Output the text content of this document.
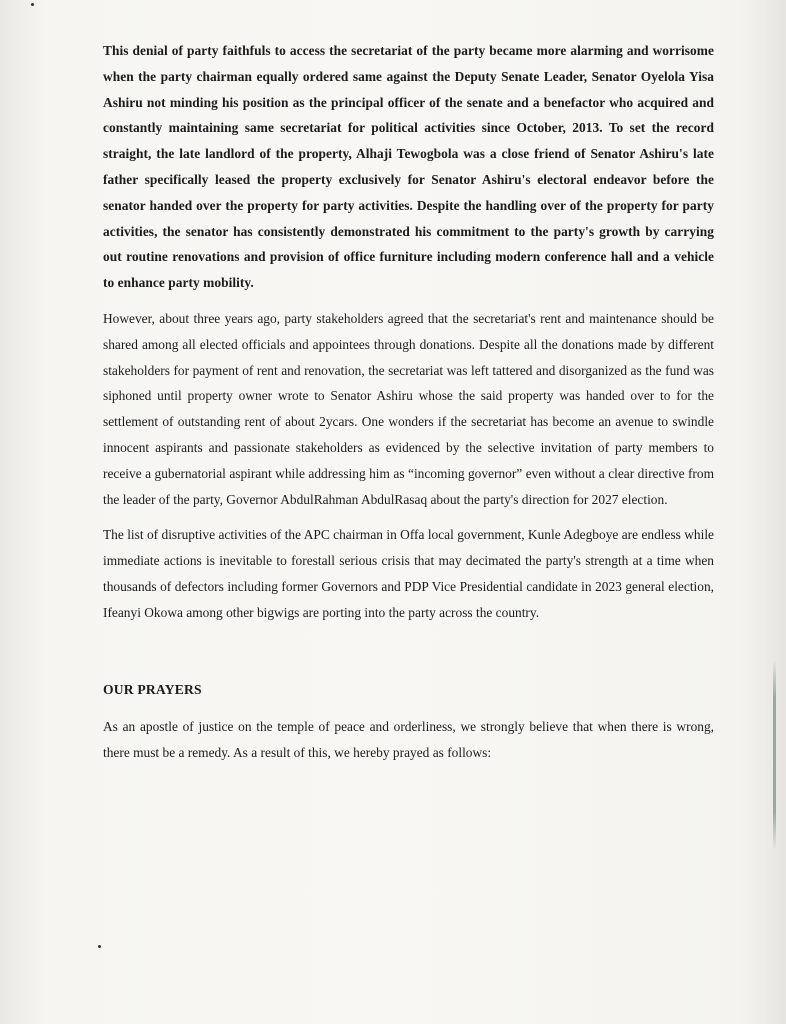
This denial of party faithfuls to access the secretariat of the party became more alarming and worrisome when the party chairman equally ordered same against the Deputy Senate Leader, Senator Oyelola Yisa Ashiru not minding his position as the principal officer of the senate and a benefactor who acquired and constantly maintaining same secretariat for political activities since October, 2013. To set the record straight, the late landlord of the property, Alhaji Tewogbola was a close friend of Senator Ashiru's late father specifically leased the property exclusively for Senator Ashiru's electoral endeavor before the senator handed over the property for party activities. Despite the handling over of the property for party activities, the senator has consistently demonstrated his commitment to the party's growth by carrying out routine renovations and provision of office furniture including modern conference hall and a vehicle to enhance party mobility.

However, about three years ago, party stakeholders agreed that the secretariat's rent and maintenance should be shared among all elected officials and appointees through donations. Despite all the donations made by different stakeholders for payment of rent and renovation, the secretariat was left tattered and disorganized as the fund was siphoned until property owner wrote to Senator Ashiru whose the said property was handed over to for the settlement of outstanding rent of about 2ycars. One wonders if the secretariat has become an avenue to swindle innocent aspirants and passionate stakeholders as evidenced by the selective invitation of party members to receive a gubernatorial aspirant while addressing him as “incoming governor” even without a clear directive from the leader of the party, Governor AbdulRahman AbdulRasaq about the party's direction for 2027 election.

The list of disruptive activities of the APC chairman in Offa local government, Kunle Adegboye are endless while immediate actions is inevitable to forestall serious crisis that may decimated the party's strength at a time when thousands of defectors including former Governors and PDP Vice Presidential candidate in 2023 general election, Ifeanyi Okowa among other bigwigs are porting into the party across the country.

OUR PRAYERS

As an apostle of justice on the temple of peace and orderliness, we strongly believe that when there is wrong, there must be a remedy. As a result of this, we hereby prayed as follows:
